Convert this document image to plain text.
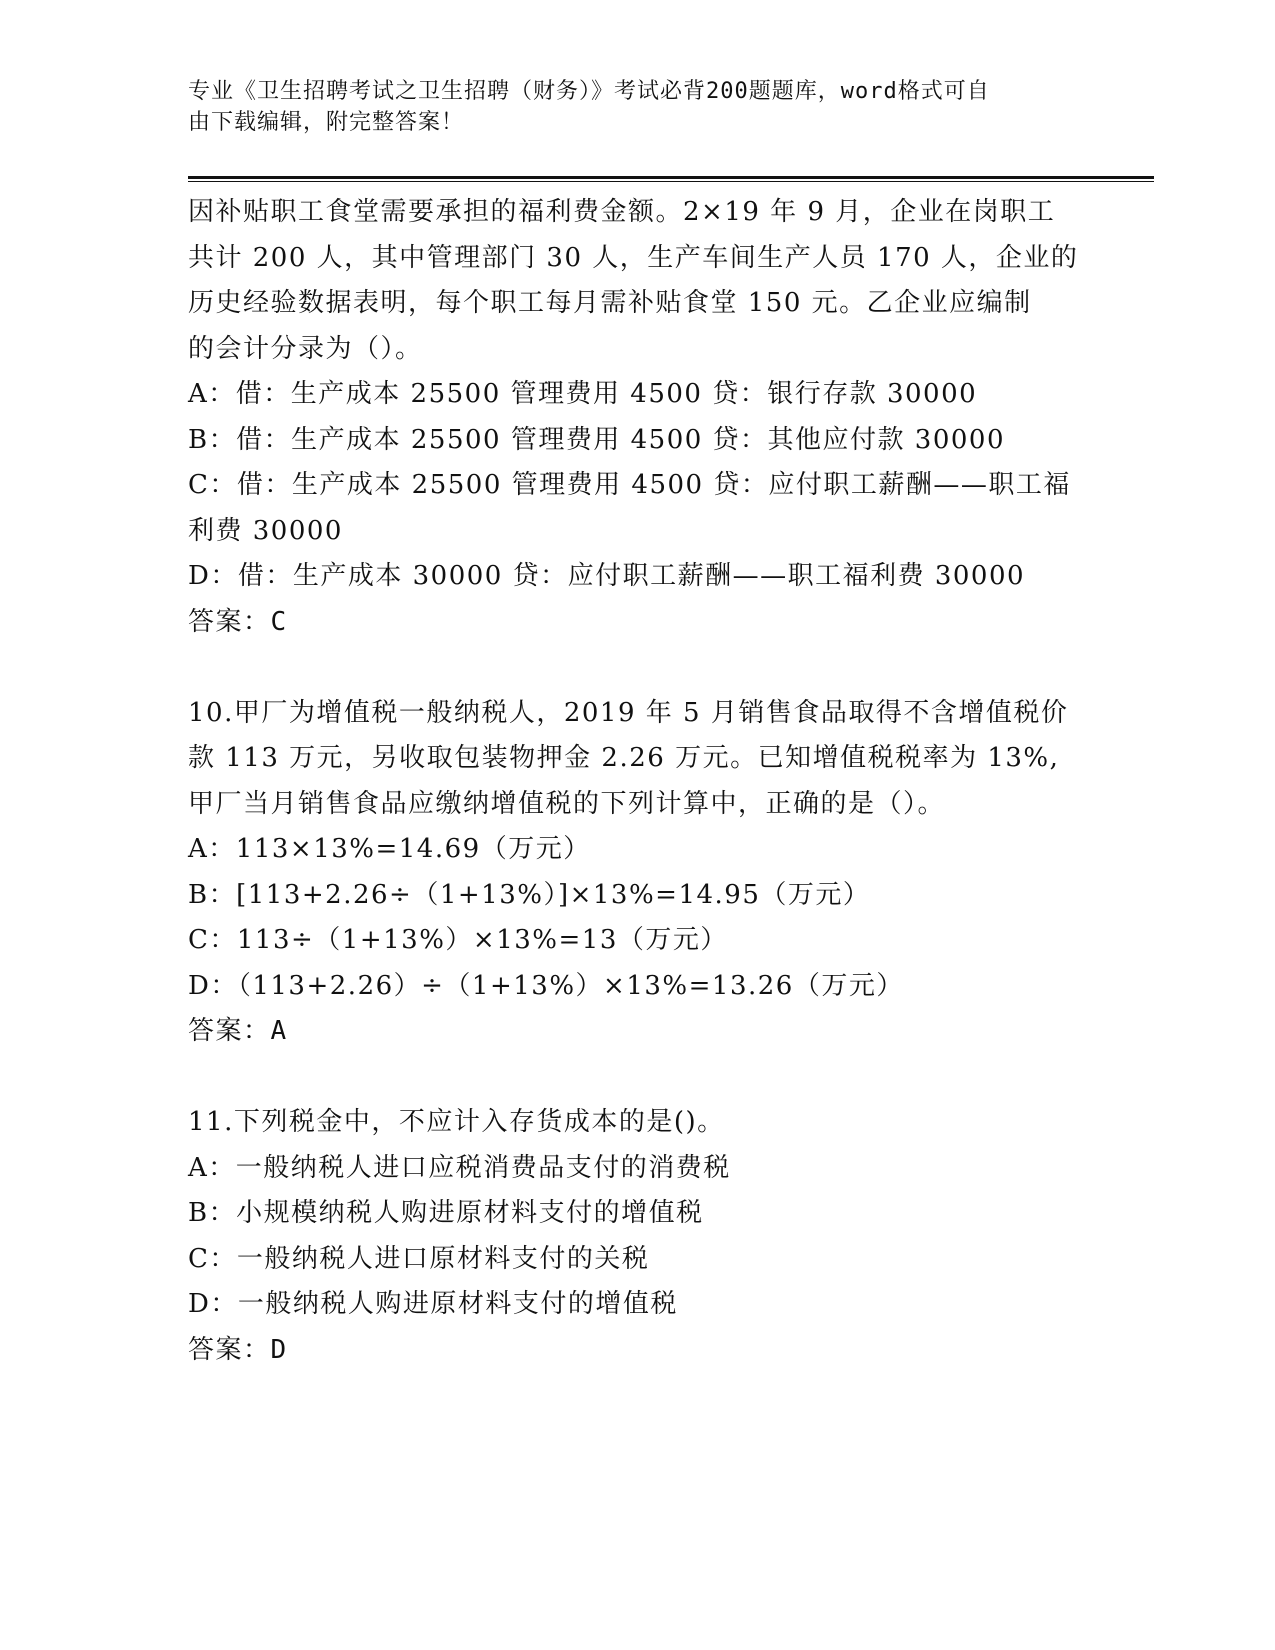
专业《卫生招聘考试之卫生招聘（财务）》考试必背200题题库，word格式可自
由下载编辑，附完整答案！
因补贴职工食堂需要承担的福利费金额。2×19 年 9 月，企业在岗职工
共计 200 人，其中管理部门 30 人，生产车间生产人员 170 人，企业的
历史经验数据表明，每个职工每月需补贴食堂 150 元。乙企业应编制
的会计分录为（）。
A：借：生产成本 25500 管理费用 4500 贷：银行存款 30000
B：借：生产成本 25500 管理费用 4500 贷：其他应付款 30000
C：借：生产成本 25500 管理费用 4500 贷：应付职工薪酬——职工福
利费 30000
D：借：生产成本 30000 贷：应付职工薪酬——职工福利费 30000
答案：C
10.甲厂为增值税一般纳税人，2019 年 5 月销售食品取得不含增值税价
款 113 万元，另收取包装物押金 2.26 万元。已知增值税税率为 13%,
甲厂当月销售食品应缴纳增值税的下列计算中，正确的是（）。
A：113×13%=14.69（万元）
B：[113+2.26÷（1+13%）]×13%=14.95（万元）
C：113÷（1+13%）×13%=13（万元）
D：（113+2.26）÷（1+13%）×13%=13.26（万元）
答案：A
11.下列税金中，不应计入存货成本的是()。
A：一般纳税人进口应税消费品支付的消费税
B：小规模纳税人购进原材料支付的增值税
C：一般纳税人进口原材料支付的关税
D：一般纳税人购进原材料支付的增值税
答案：D
